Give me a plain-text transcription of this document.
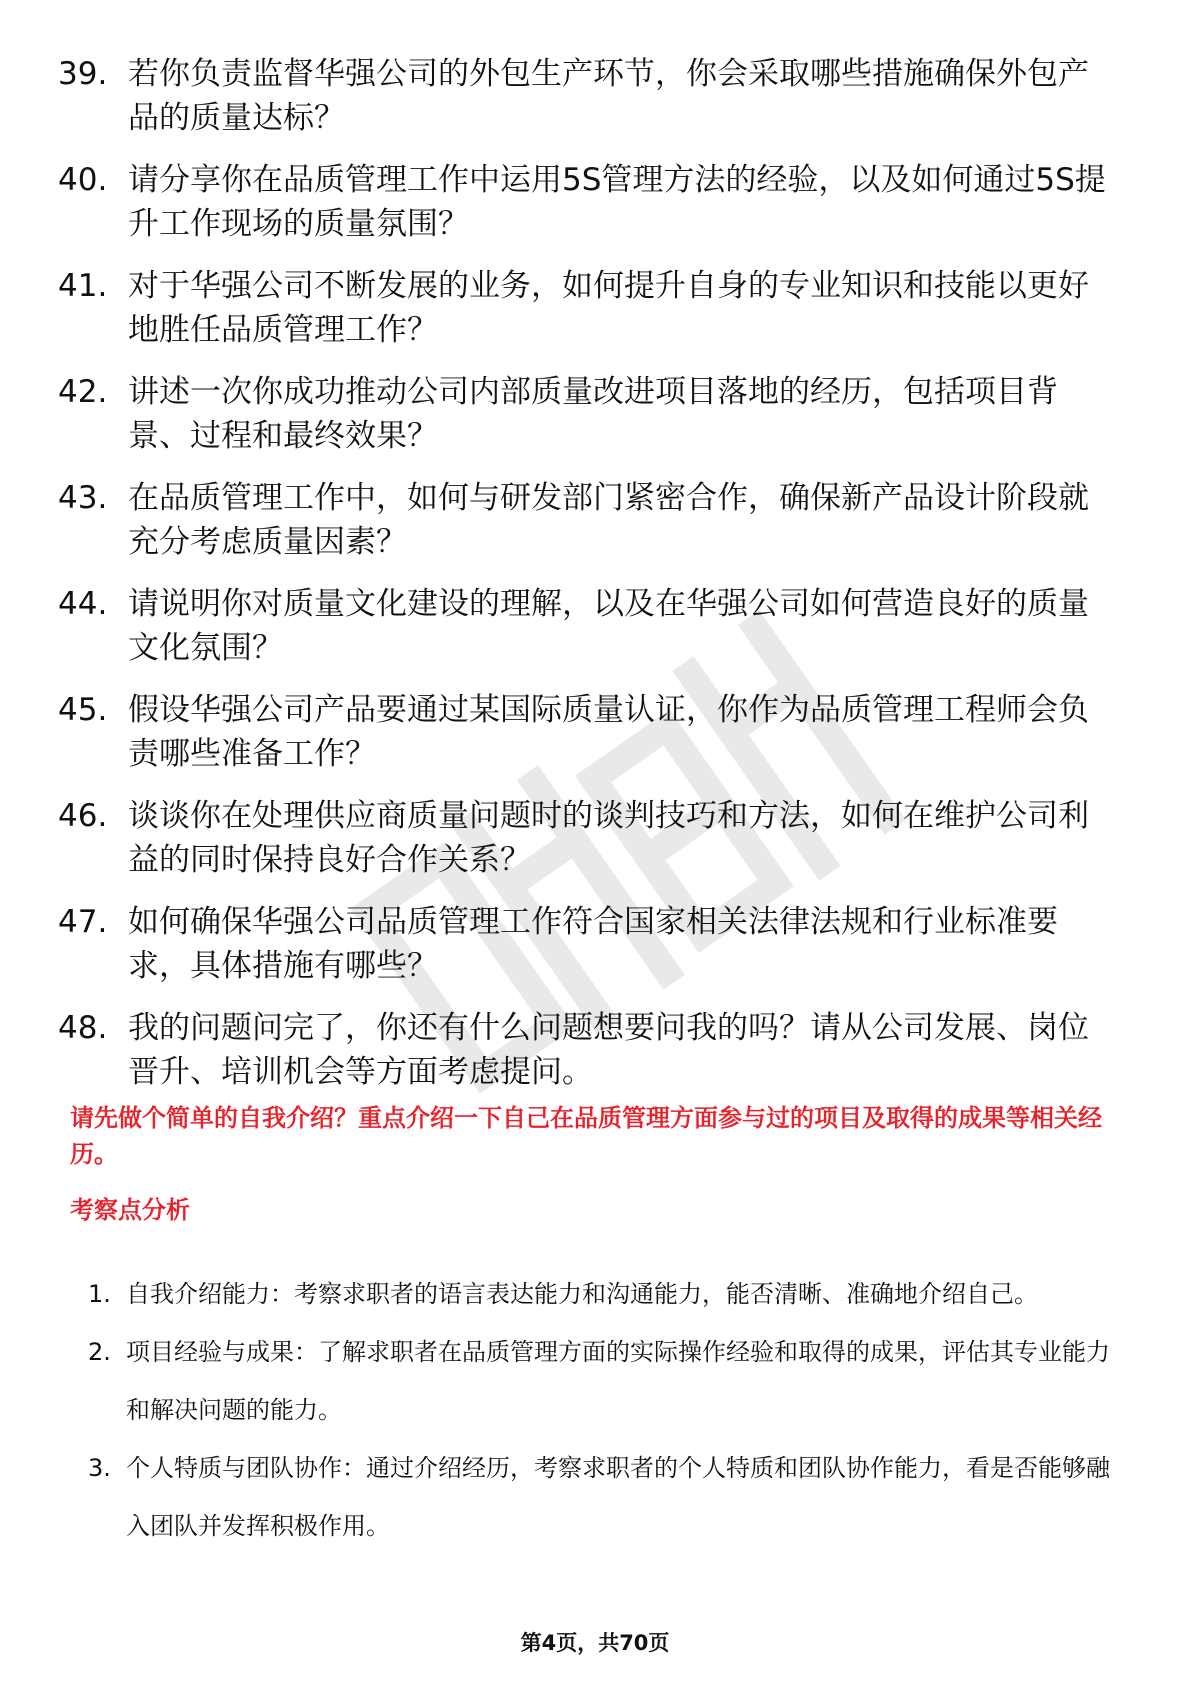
39. 若你负责监督华强公司的外包生产环节，你会采取哪些措施确保外包产品的质量达标？
40. 请分享你在品质管理工作中运用5S管理方法的经验，以及如何通过5S提升工作现场的质量氛围？
41. 对于华强公司不断发展的业务，如何提升自身的专业知识和技能以更好地胜任品质管理工作？
42. 讲述一次你成功推动公司内部质量改进项目落地的经历，包括项目背景、过程和最终效果？
43. 在品质管理工作中，如何与研发部门紧密合作，确保新产品设计阶段就充分考虑质量因素？
44. 请说明你对质量文化建设的理解，以及在华强公司如何营造良好的质量文化氛围？
45. 假设华强公司产品要通过某国际质量认证，你作为品质管理工程师会负责哪些准备工作？
46. 谈谈你在处理供应商质量问题时的谈判技巧和方法，如何在维护公司利益的同时保持良好合作关系？
47. 如何确保华强公司品质管理工作符合国家相关法律法规和行业标准要求，具体措施有哪些？
48. 我的问题问完了，你还有什么问题想要问我的吗？请从公司发展、岗位晋升、培训机会等方面考虑提问。

请先做个简单的自我介绍？重点介绍一下自己在品质管理方面参与过的项目及取得的成果等相关经历。

考察点分析
1. 自我介绍能力：考察求职者的语言表达能力和沟通能力，能否清晰、准确地介绍自己。
2. 项目经验与成果：了解求职者在品质管理方面的实际操作经验和取得的成果，评估其专业能力和解决问题的能力。
3. 个人特质与团队协作：通过介绍经历，考察求职者的个人特质和团队协作能力，看是否能够融入团队并发挥积极作用。
第4页，共70页
